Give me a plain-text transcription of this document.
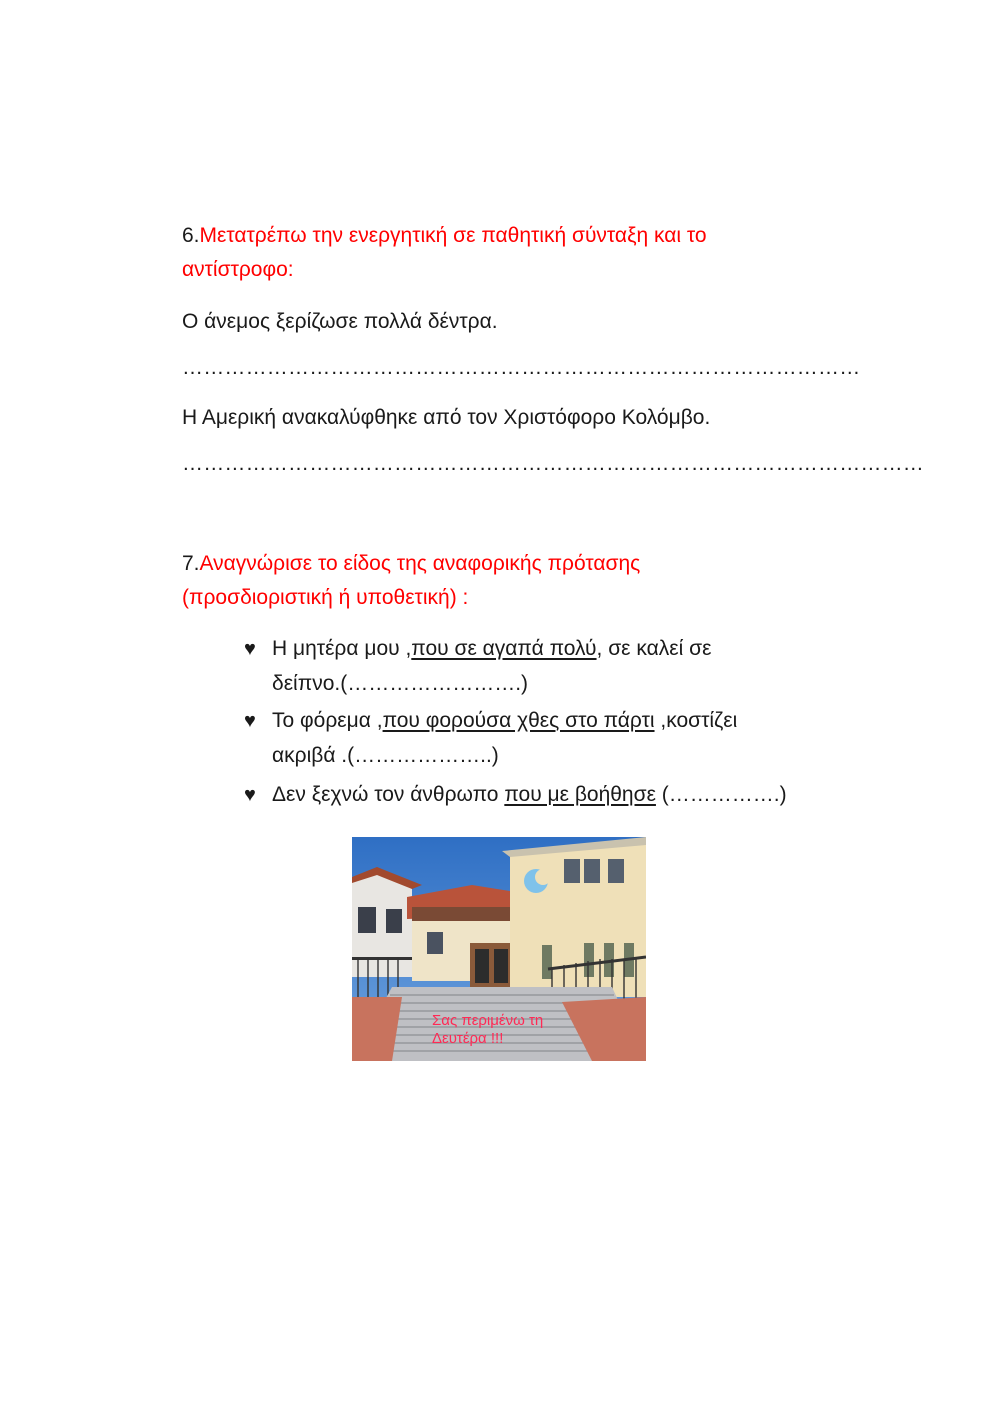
6.Μετατρέπω την ενεργητική σε παθητική σύνταξη και το
αντίστροφο:
Ο άνεμος ξερίζωσε πολλά δέντρα.
……………………………………………………………………………………
Η Αμερική ανακαλύφθηκε από τον Χριστόφορο Κολόμβο.
……………………………………………………………………………………………
7.Αναγνώρισε το είδος της αναφορικής πρότασης
(προσδιοριστική ή υποθετική) :
♥ Η μητέρα μου ,που σε αγαπά πολύ, σε καλεί σε
δείπνο.(…………………….)
♥ Το φόρεμα ,που φορούσα χθες στο πάρτι ,κοστίζει
ακριβά .(………………..)
♥ Δεν ξεχνώ τον άνθρωπο που με βοήθησε (…………….)
Σας περιμένω τη
Δευτέρα !!!
